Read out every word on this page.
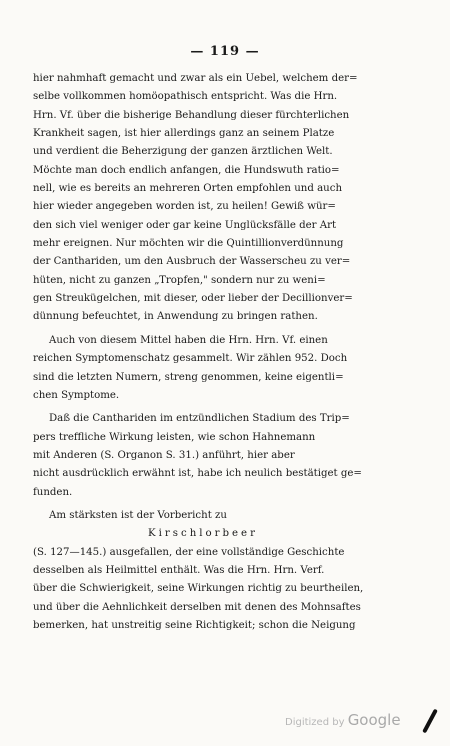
— 119 —
hier nahmhaft gemacht und zwar als ein Uebel, welchem der=
selbe vollkommen homöopathisch entspricht. Was die Hrn.
Hrn. Vf. über die bisherige Behandlung dieser fürchterlichen
Krankheit sagen, ist hier allerdings ganz an seinem Platze
und verdient die Beherzigung der ganzen ärztlichen Welt.
Möchte man doch endlich anfangen, die Hundswuth ratio=
nell, wie es bereits an mehreren Orten empfohlen und auch
hier wieder angegeben worden ist, zu heilen! Gewiß wür=
den sich viel weniger oder gar keine Unglücksfälle der Art
mehr ereignen. Nur möchten wir die Quintillionverdünnung
der Canthariden, um den Ausbruch der Wasserscheu zu ver=
hüten, nicht zu ganzen „Tropfen," sondern nur zu weni=
gen Streukügelchen, mit dieser, oder lieber der Decillionver=
dünnung befeuchtet, in Anwendung zu bringen rathen.
Auch von diesem Mittel haben die Hrn. Hrn. Vf. einen
reichen Symptomenschatz gesammelt. Wir zählen 952. Doch
sind die letzten Numern, streng genommen, keine eigentli=
chen Symptome.
Daß die Canthariden im entzündlichen Stadium des Trip=
pers treffliche Wirkung leisten, wie schon Hahnemann
mit Anderen (S. Organon S. 31.) anführt, hier aber
nicht ausdrücklich erwähnt ist, habe ich neulich bestätiget ge=
funden.
Am stärksten ist der Vorbericht zu
Kirschlorbeer
(S. 127—145.) ausgefallen, der eine vollständige Geschichte
desselben als Heilmittel enthält. Was die Hrn. Hrn. Verf.
über die Schwierigkeit, seine Wirkungen richtig zu beurtheilen,
und über die Aehnlichkeit derselben mit denen des Mohnsaftes
bemerken, hat unstreitig seine Richtigkeit; schon die Neigung
Digitized by Google
